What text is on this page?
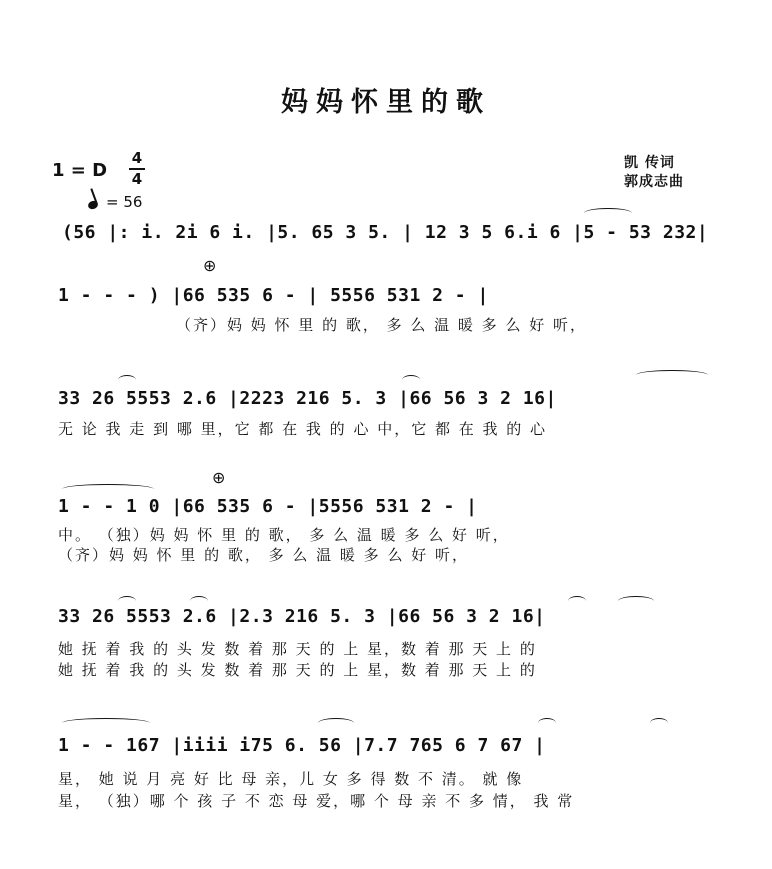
妈妈怀里的歌
1 = D
4
4
= 56
凯 传词
郭成志曲
(56 |: i. 2i 6 i. |5. 65 3 5. | 12 3 5 6.i 6 |5 - 53 232|
⊕
1 - - - ) |66 535 6 - | 5556 531 2 - |
（齐）妈 妈 怀 里 的 歌， 多 么 温 暖 多 么 好 听，
33 26 5553 2.6 |2223 216 5. 3 |66 56 3 2 16|
无 论 我 走 到 哪 里，它 都 在 我 的 心 中，它 都 在 我 的 心
⊕
1 - - 1 0 |66 535 6 - |5556 531 2 - |
中。 （独）妈 妈 怀 里 的 歌， 多 么 温 暖 多 么 好 听，
（齐）妈 妈 怀 里 的 歌， 多 么 温 暖 多 么 好 听，
33 26 5553 2.6 |2.3 216 5. 3 |66 56 3 2 16|
她 抚 着 我 的 头 发 数 着 那 天 的 上 星，数 着 那 天 上 的
她 抚 着 我 的 头 发 数 着 那 天 的 上 星，数 着 那 天 上 的
1 - - 167 |iiii i75 6. 56 |7.7 765 6 7 67 |
星， 她 说 月 亮 好 比 母 亲，儿 女 多 得 数 不 清。 就 像
星， （独）哪 个 孩 子 不 恋 母 爱，哪 个 母 亲 不 多 情， 我 常
